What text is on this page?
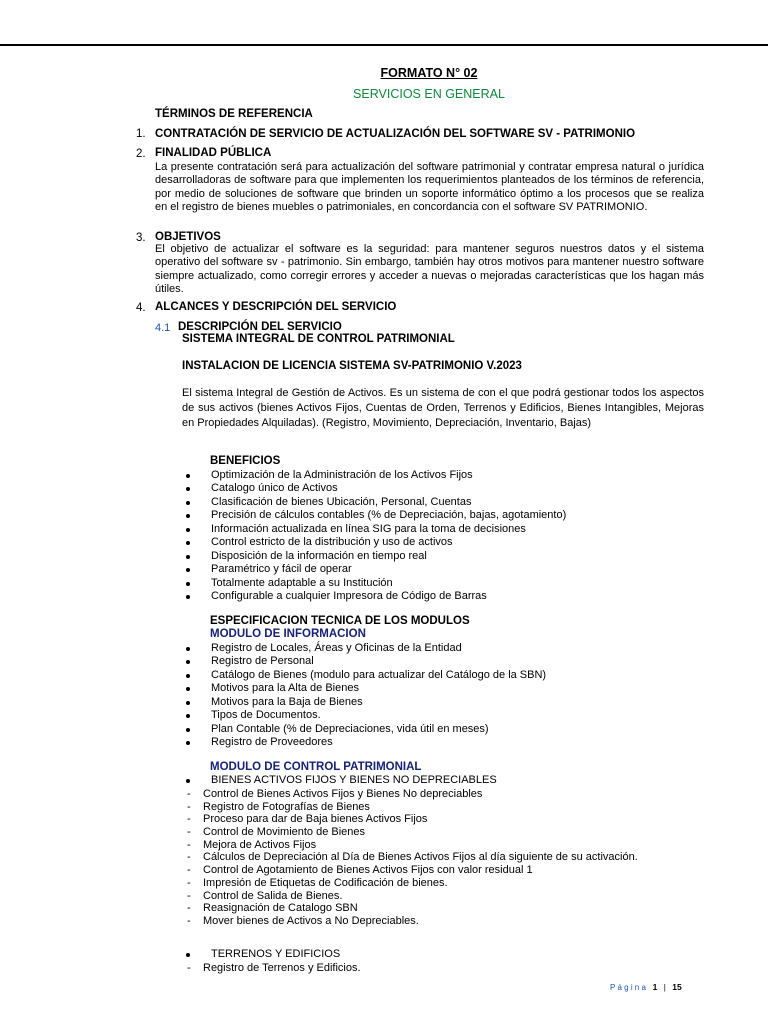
FORMATO N° 02
SERVICIOS EN GENERAL
TÉRMINOS DE REFERENCIA
1. CONTRATACIÓN DE SERVICIO DE ACTUALIZACIÓN DEL SOFTWARE SV - PATRIMONIO
2. FINALIDAD PÚBLICA

La presente contratación será para actualización del software patrimonial y contratar empresa natural o jurídica desarrolladoras de software para que implementen los requerimientos planteados de los términos de referencia, por medio de soluciones de software que brinden un soporte informático óptimo a los procesos que se realiza en el registro de bienes muebles o patrimoniales, en concordancia con el software SV PATRIMONIO.

3. OBJETIVOS

El objetivo de actualizar el software es la seguridad: para mantener seguros nuestros datos y el sistema operativo del software sv - patrimonio. Sin embargo, también hay otros motivos para mantener nuestro software siempre actualizado, como corregir errores y acceder a nuevas o mejoradas características que los hagan más útiles.

4. ALCANCES Y DESCRIPCIÓN DEL SERVICIO
4.1 DESCRIPCIÓN DEL SERVICIO
SISTEMA INTEGRAL DE CONTROL PATRIMONIAL
INSTALACION DE LICENCIA SISTEMA SV-PATRIMONIO V.2023

El sistema Integral de Gestión de Activos. Es un sistema de con el que podrá gestionar todos los aspectos de sus activos (bienes Activos Fijos, Cuentas de Orden, Terrenos y Edificios, Bienes Intangibles, Mejoras en Propiedades Alquiladas). (Registro, Movimiento, Depreciación, Inventario, Bajas)

BENEFICIOS
Optimización de la Administración de los Activos Fijos
Catalogo único de Activos
Clasificación de bienes Ubicación, Personal, Cuentas
Precisión de cálculos contables (% de Depreciación, bajas, agotamiento)
Información actualizada en línea SIG para la toma de decisiones
Control estricto de la distribución y uso de activos
Disposición de la información en tiempo real
Paramétrico y fácil de operar
Totalmente adaptable a su Institución
Configurable a cualquier Impresora de Código de Barras
ESPECIFICACION TECNICA DE LOS MODULOS
MODULO DE INFORMACION
Registro de Locales, Áreas y Oficinas de la Entidad
Registro de Personal
Catálogo de Bienes (modulo para actualizar del Catálogo de la SBN)
Motivos para la Alta de Bienes
Motivos para la Baja de Bienes
Tipos de Documentos.
Plan Contable (% de Depreciaciones, vida útil en meses)
Registro de Proveedores
MODULO DE CONTROL PATRIMONIAL
BIENES ACTIVOS FIJOS Y BIENES NO DEPRECIABLES
- Control de Bienes Activos Fijos y Bienes No depreciables
- Registro de Fotografías de Bienes
- Proceso para dar de Baja bienes Activos Fijos
- Control de Movimiento de Bienes
- Mejora de Activos Fijos
- Cálculos de Depreciación al Día de Bienes Activos Fijos al día siguiente de su activación.
- Control de Agotamiento de Bienes Activos Fijos con valor residual 1
- Impresión de Etiquetas de Codificación de bienes.
- Control de Salida de Bienes.
- Reasignación de Catalogo SBN
- Mover bienes de Activos a No Depreciables.
TERRENOS Y EDIFICIOS
- Registro de Terrenos y Edificios.
Página 1 | 15
